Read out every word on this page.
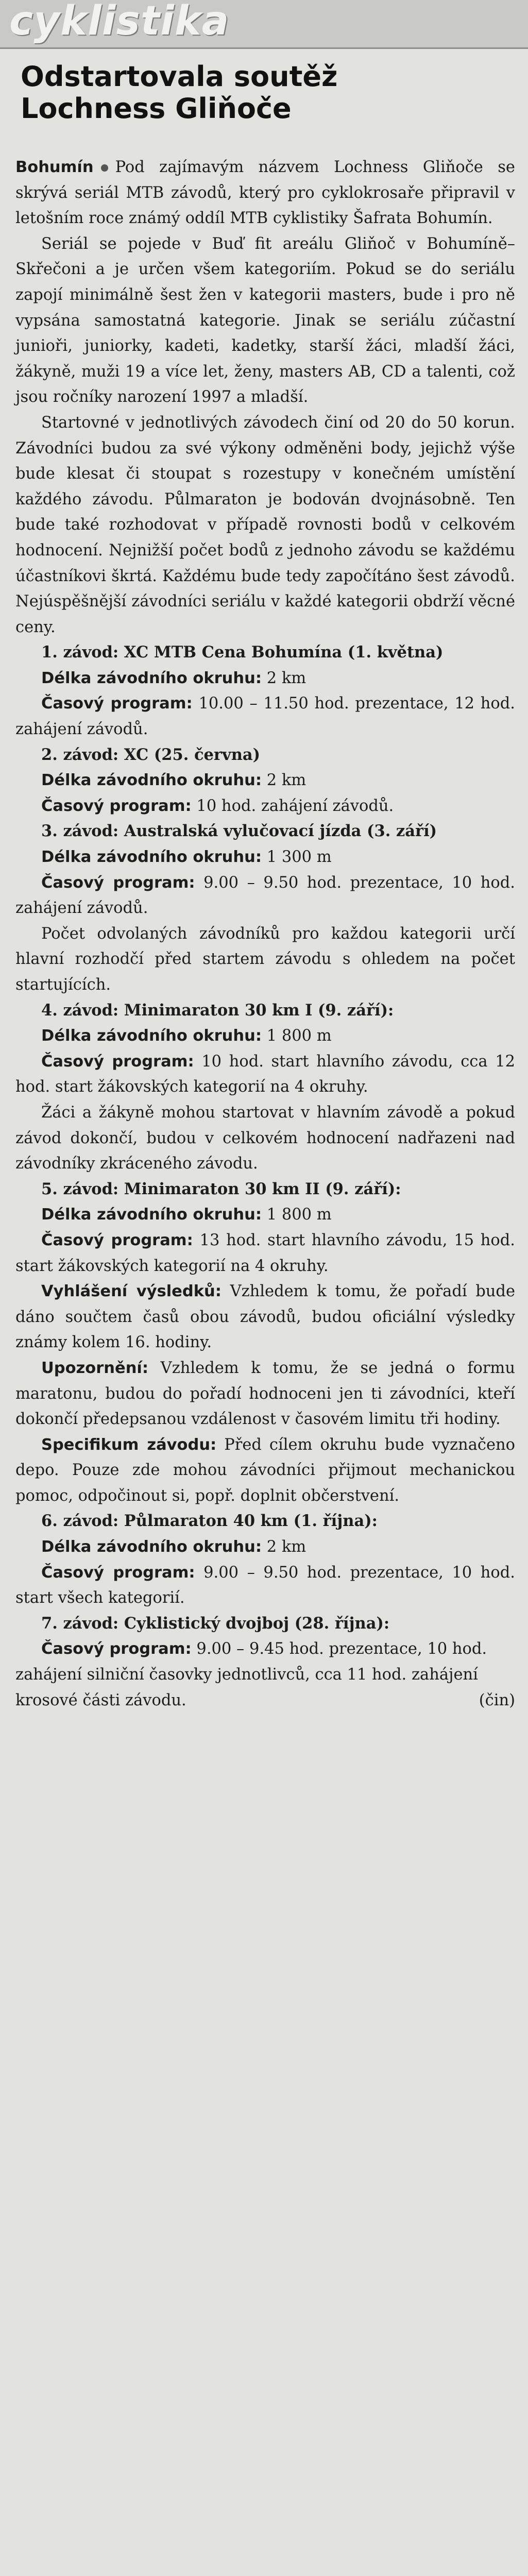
cyklistika
Odstartovala soutěž
Lochness Gliňoče

Bohumín Pod zajímavým názvem Lochness Gliňoče se skrývá seriál MTB závodů, který pro cyklokrosaře připravil v letošním roce známý oddíl MTB cyklistiky Šafrata Bohumín.

Seriál se pojede v Buď fit areálu Gliňoč v Bohumíně–Skřečoni a je určen všem kategoriím. Pokud se do seriálu zapojí minimálně šest žen v kategorii masters, bude i pro ně vypsána samostatná kategorie. Jinak se seriálu zúčastní junioři, juniorky, kadeti, kadetky, starší žáci, mladší žáci, žákyně, muži 19 a více let, ženy, masters AB, CD a talenti, což jsou ročníky narození 1997 a mladší.

Startovné v jednotlivých závodech činí od 20 do 50 korun. Závodníci budou za své výkony odměněni body, jejichž výše bude klesat či stoupat s rozestupy v konečném umístění každého závodu. Půlmaraton je bodován dvojnásobně. Ten bude také rozhodovat v případě rovnosti bodů v celkovém hodnocení. Nejnižší počet bodů z jednoho závodu se každému účastníkovi škrtá. Každému bude tedy započítáno šest závodů. Nejúspěšnější závodníci seriálu v každé kategorii obdrží věcné ceny.

1. závod: XC MTB Cena Bohumína (1. května)

Délka závodního okruhu: 2 km

Časový program: 10.00 – 11.50 hod. prezentace, 12 hod. zahájení závodů.

2. závod: XC (25. června)

Délka závodního okruhu: 2 km

Časový program: 10 hod. zahájení závodů.

3. závod: Australská vylučovací jízda (3. září)

Délka závodního okruhu: 1 300 m

Časový program: 9.00 – 9.50 hod. prezentace, 10 hod. zahájení závodů.

Počet odvolaných závodníků pro každou kategorii určí hlavní rozhodčí před startem závodu s ohledem na počet startujících.

4. závod: Minimaraton 30 km I (9. září):

Délka závodního okruhu: 1 800 m

Časový program: 10 hod. start hlavního závodu, cca 12 hod. start žákovských kategorií na 4 okruhy.

Žáci a žákyně mohou startovat v hlavním závodě a pokud závod dokončí, budou v celkovém hodnocení nadřazeni nad závodníky zkráceného závodu.

5. závod: Minimaraton 30 km II (9. září):

Délka závodního okruhu: 1 800 m

Časový program: 13 hod. start hlavního závodu, 15 hod. start žákovských kategorií na 4 okruhy.

Vyhlášení výsledků: Vzhledem k tomu, že pořadí bude dáno součtem časů obou závodů, budou oficiální výsledky známy kolem 16. hodiny.

Upozornění: Vzhledem k tomu, že se jedná o formu maratonu, budou do pořadí hodnoceni jen ti závodníci, kteří dokončí předepsanou vzdálenost v časovém limitu tři hodiny.

Specifikum závodu: Před cílem okruhu bude vyznačeno depo. Pouze zde mohou závodníci přijmout mechanickou pomoc, odpočinout si, popř. doplnit občerstvení.

6. závod: Půlmaraton 40 km (1. října):

Délka závodního okruhu: 2 km

Časový program: 9.00 – 9.50 hod. prezentace, 10 hod. start všech kategorií.

7. závod: Cyklistický dvojboj (28. října):

Časový program: 9.00 – 9.45 hod. prezentace, 10 hod. zahájení silniční časovky jednotlivců, cca 11 hod. zahájení krosové části závodu.	(čin)
